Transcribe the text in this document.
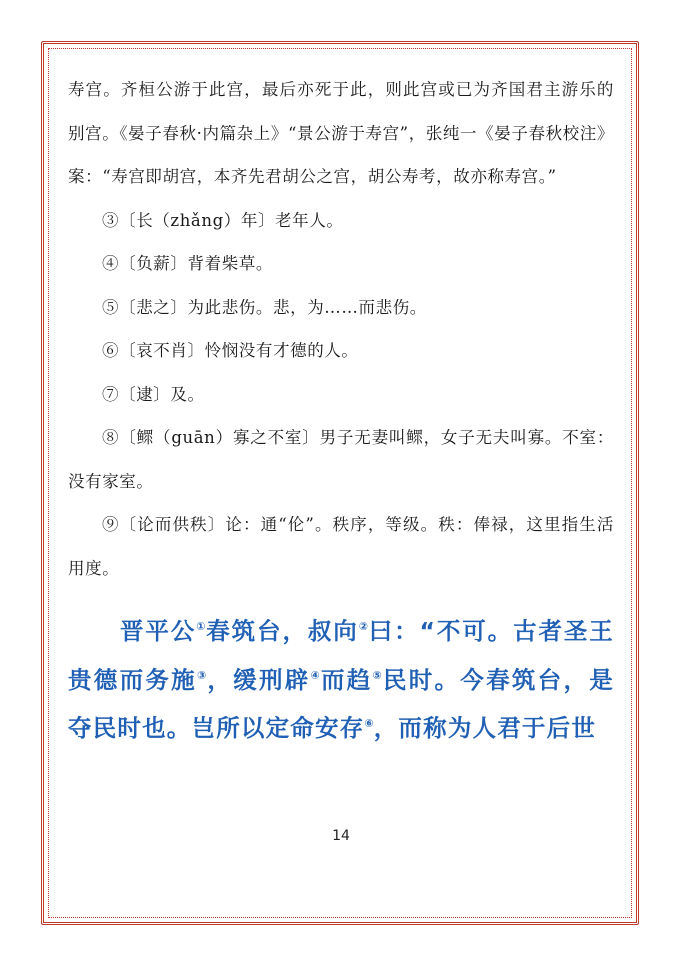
寿宫。齐桓公游于此宫，最后亦死于此，则此宫或已为齐国君主游乐的别宫。《晏子春秋·内篇杂上》“景公游于寿宫”，张纯一《晏子春秋校注》案：“寿宫即胡宫，本齐先君胡公之宫，胡公寿考，故亦称寿宫。”

③〔长（zhǎng）年〕老年人。

④〔负薪〕背着柴草。

⑤〔悲之〕为此悲伤。悲，为……而悲伤。

⑥〔哀不肖〕怜悯没有才德的人。

⑦〔逮〕及。

⑧〔鳏（guān）寡之不室〕男子无妻叫鳏，女子无夫叫寡。不室：没有家室。

⑨〔论而供秩〕论：通“伦”。秩序，等级。秩：俸禄，这里指生活用度。

晋平公①春筑台，叔向②曰：“不可。古者圣王贵德而务施③，缓刑辟④而趋⑤民时。今春筑台，是夺民时也。岂所以定命安存⑥，而称为人君于后世

14
